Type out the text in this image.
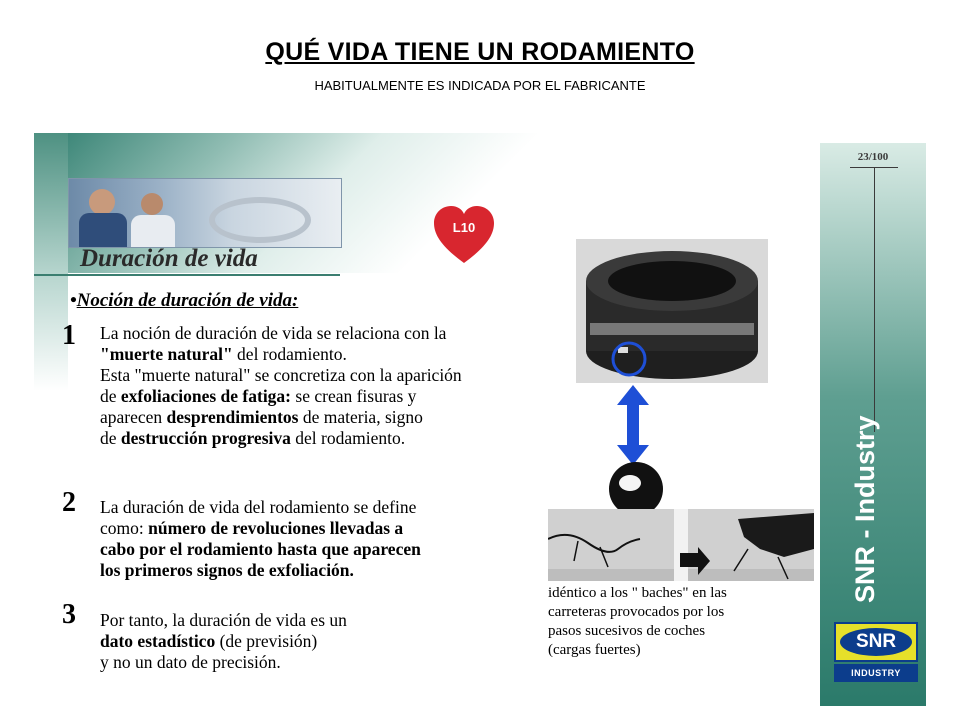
QUÉ VIDA TIENE UN RODAMIENTO
HABITUALMENTE ES INDICADA POR EL FABRICANTE
Duración de vida
L10
•Noción de duración de vida:
1 La noción de duración de vida se relaciona con la
"muerte natural" del rodamiento.
Esta "muerte natural" se concretiza con la aparición
de exfoliaciones de fatiga: se crean fisuras y
aparecen desprendimientos de materia, signo
de destrucción progresiva del rodamiento.
2 La duración de vida del rodamiento se define
como: número de revoluciones llevadas a
cabo por el rodamiento hasta que aparecen
los primeros signos de exfoliación.
3 Por tanto, la duración de vida es un
dato estadístico (de previsión)
y no un dato de precisión.
idéntico a los " baches" en las
carreteras provocados por los
pasos sucesivos de coches
(cargas fuertes)
23/100
SNR - Industry
SNR
INDUSTRY
